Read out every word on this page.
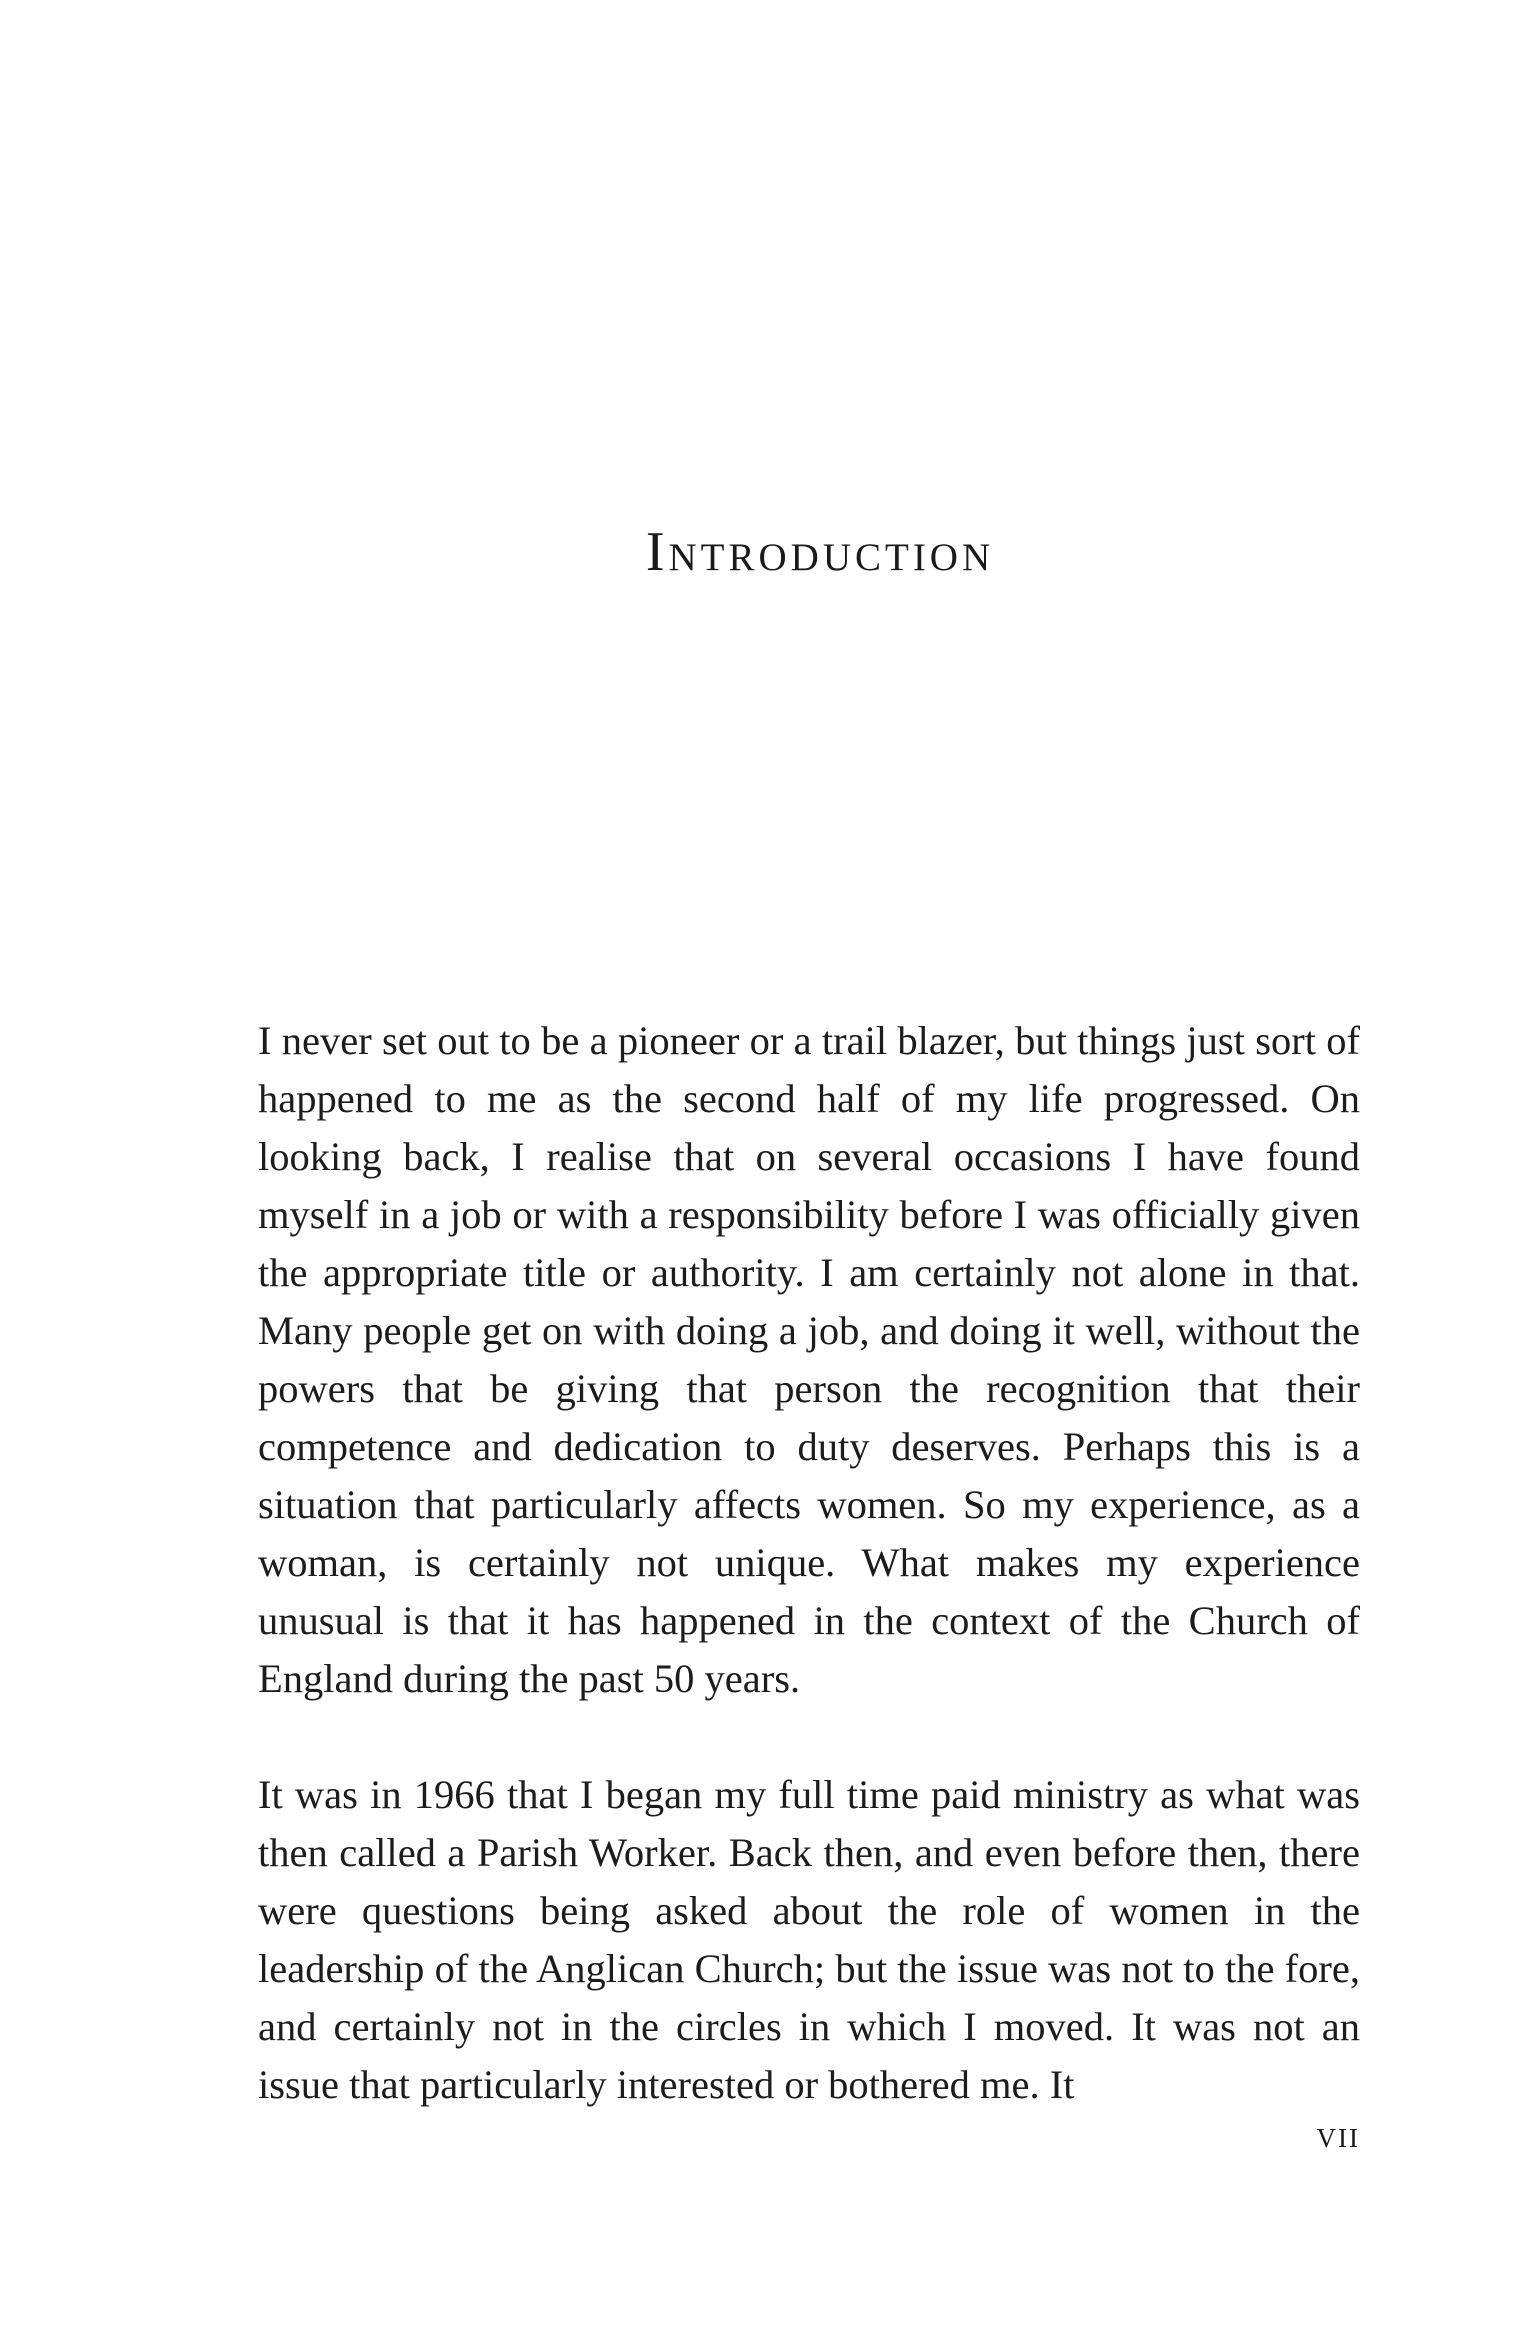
Introduction

I never set out to be a pioneer or a trail blazer, but things just sort of happened to me as the second half of my life progressed. On looking back, I realise that on several occasions I have found myself in a job or with a responsibility before I was officially given the appropriate title or authority. I am certainly not alone in that. Many people get on with doing a job, and doing it well, without the powers that be giving that person the recognition that their competence and dedication to duty deserves. Perhaps this is a situation that particularly affects women. So my experience, as a woman, is certainly not unique. What makes my experience unusual is that it has happened in the context of the Church of England during the past 50 years.

It was in 1966 that I began my full time paid ministry as what was then called a Parish Worker. Back then, and even before then, there were questions being asked about the role of women in the leadership of the Anglican Church; but the issue was not to the fore, and certainly not in the circles in which I moved. It was not an issue that particularly interested or bothered me. It

VII
